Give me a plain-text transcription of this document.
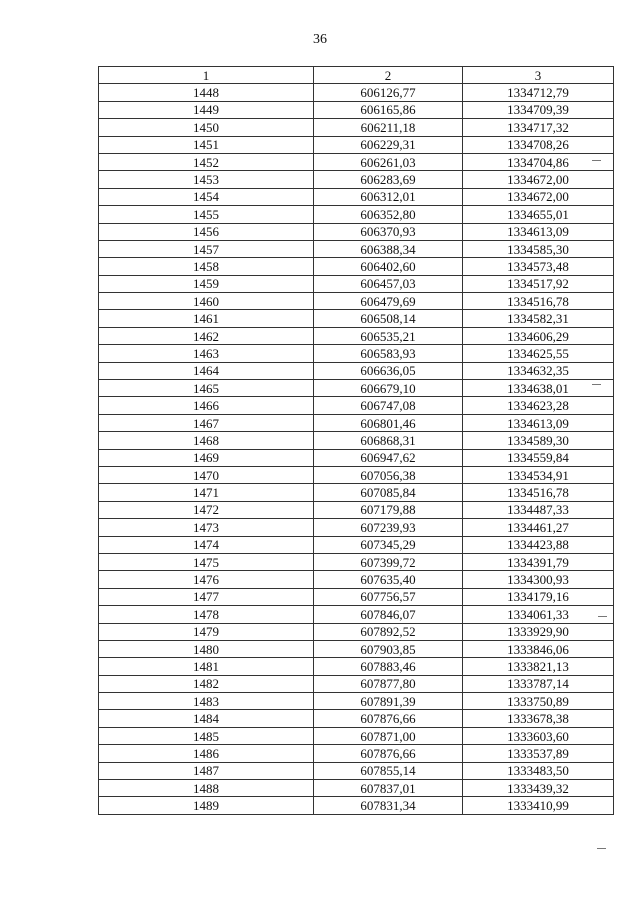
36
1	2	3
1448	606126,77	1334712,79
1449	606165,86	1334709,39
1450	606211,18	1334717,32
1451	606229,31	1334708,26
1452	606261,03	1334704,86
1453	606283,69	1334672,00
1454	606312,01	1334672,00
1455	606352,80	1334655,01
1456	606370,93	1334613,09
1457	606388,34	1334585,30
1458	606402,60	1334573,48
1459	606457,03	1334517,92
1460	606479,69	1334516,78
1461	606508,14	1334582,31
1462	606535,21	1334606,29
1463	606583,93	1334625,55
1464	606636,05	1334632,35
1465	606679,10	1334638,01
1466	606747,08	1334623,28
1467	606801,46	1334613,09
1468	606868,31	1334589,30
1469	606947,62	1334559,84
1470	607056,38	1334534,91
1471	607085,84	1334516,78
1472	607179,88	1334487,33
1473	607239,93	1334461,27
1474	607345,29	1334423,88
1475	607399,72	1334391,79
1476	607635,40	1334300,93
1477	607756,57	1334179,16
1478	607846,07	1334061,33
1479	607892,52	1333929,90
1480	607903,85	1333846,06
1481	607883,46	1333821,13
1482	607877,80	1333787,14
1483	607891,39	1333750,89
1484	607876,66	1333678,38
1485	607871,00	1333603,60
1486	607876,66	1333537,89
1487	607855,14	1333483,50
1488	607837,01	1333439,32
1489	607831,34	1333410,99
